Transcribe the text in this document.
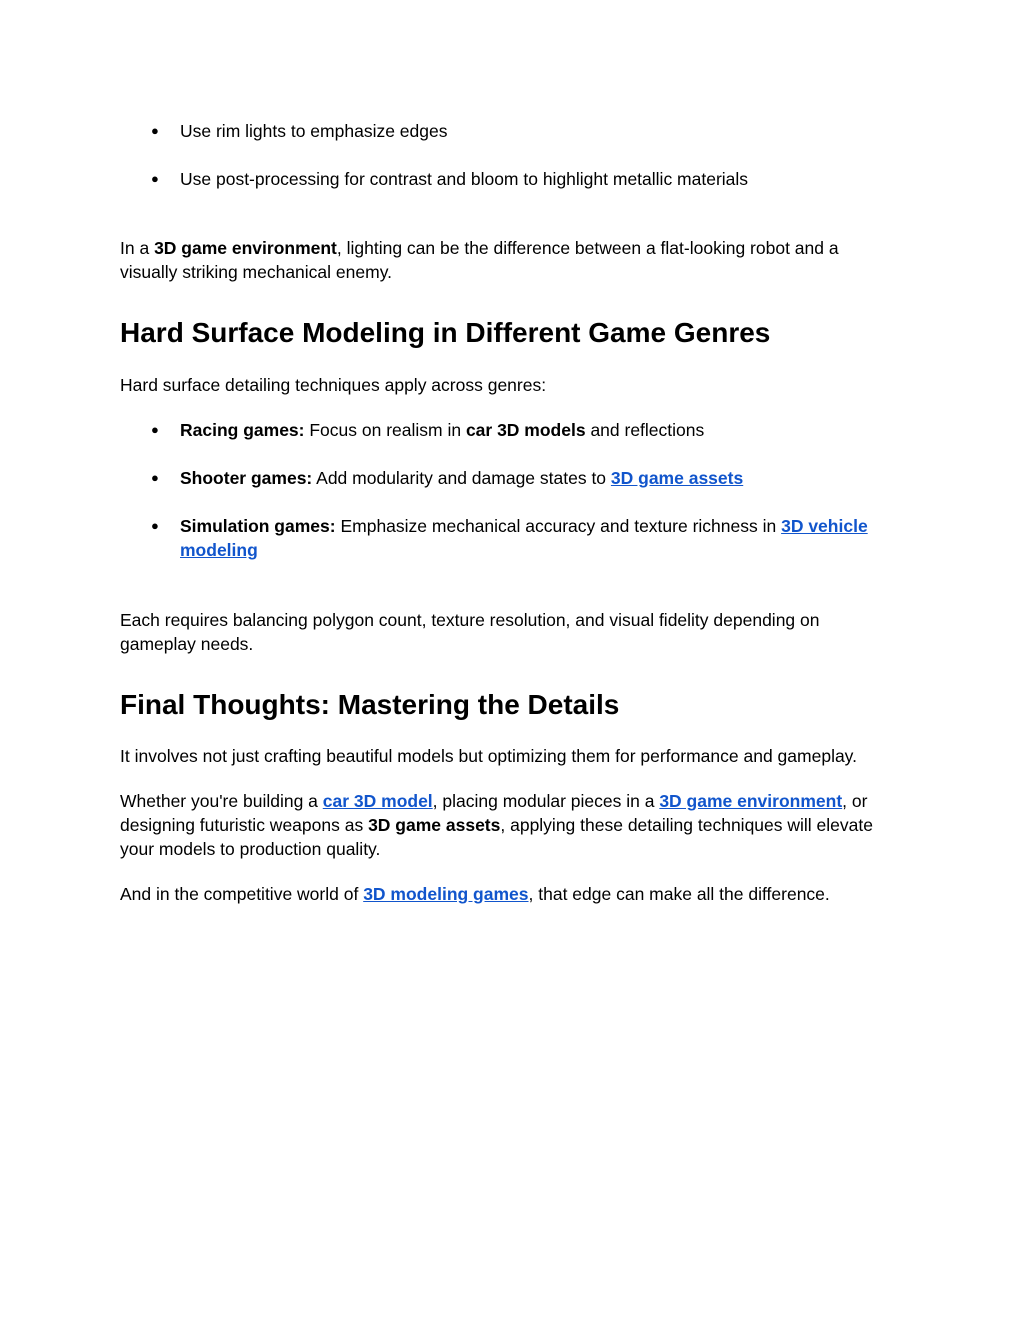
● Use rim lights to emphasize edges
● Use post-processing for contrast and bloom to highlight metallic materials

In a 3D game environment, lighting can be the difference between a flat-looking robot and a visually striking mechanical enemy.

Hard Surface Modeling in Different Game Genres

Hard surface detailing techniques apply across genres:

● Racing games: Focus on realism in car 3D models and reflections
● Shooter games: Add modularity and damage states to 3D game assets
● Simulation games: Emphasize mechanical accuracy and texture richness in 3D vehicle modeling

Each requires balancing polygon count, texture resolution, and visual fidelity depending on gameplay needs.

Final Thoughts: Mastering the Details

It involves not just crafting beautiful models but optimizing them for performance and gameplay.

Whether you're building a car 3D model, placing modular pieces in a 3D game environment, or designing futuristic weapons as 3D game assets, applying these detailing techniques will elevate your models to production quality.

And in the competitive world of 3D modeling games, that edge can make all the difference.
